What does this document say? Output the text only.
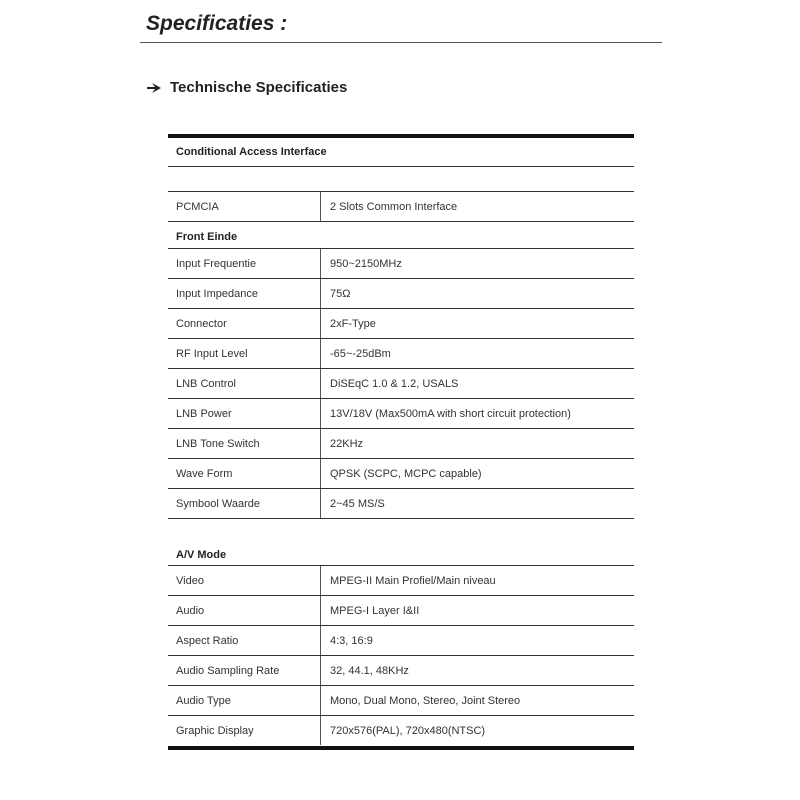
Specificaties :
Technische Specificaties
Conditional Access Interface
PCMCIA	2 Slots Common Interface
Front Einde
Input Frequentie	950~2150MHz
Input Impedance	75Ω
Connector	2xF-Type
RF Input Level	-65~-25dBm
LNB Control	DiSEqC 1.0 & 1.2, USALS
LNB Power	13V/18V (Max500mA with short circuit protection)
LNB Tone Switch	22KHz
Wave Form	QPSK (SCPC, MCPC capable)
Symbool Waarde	2~45 MS/S
A/V Mode
Video	MPEG-II Main Profiel/Main niveau
Audio	MPEG-I Layer I&II
Aspect Ratio	4:3, 16:9
Audio Sampling Rate	32, 44.1, 48KHz
Audio Type	Mono, Dual Mono, Stereo, Joint Stereo
Graphic Display	720x576(PAL), 720x480(NTSC)
